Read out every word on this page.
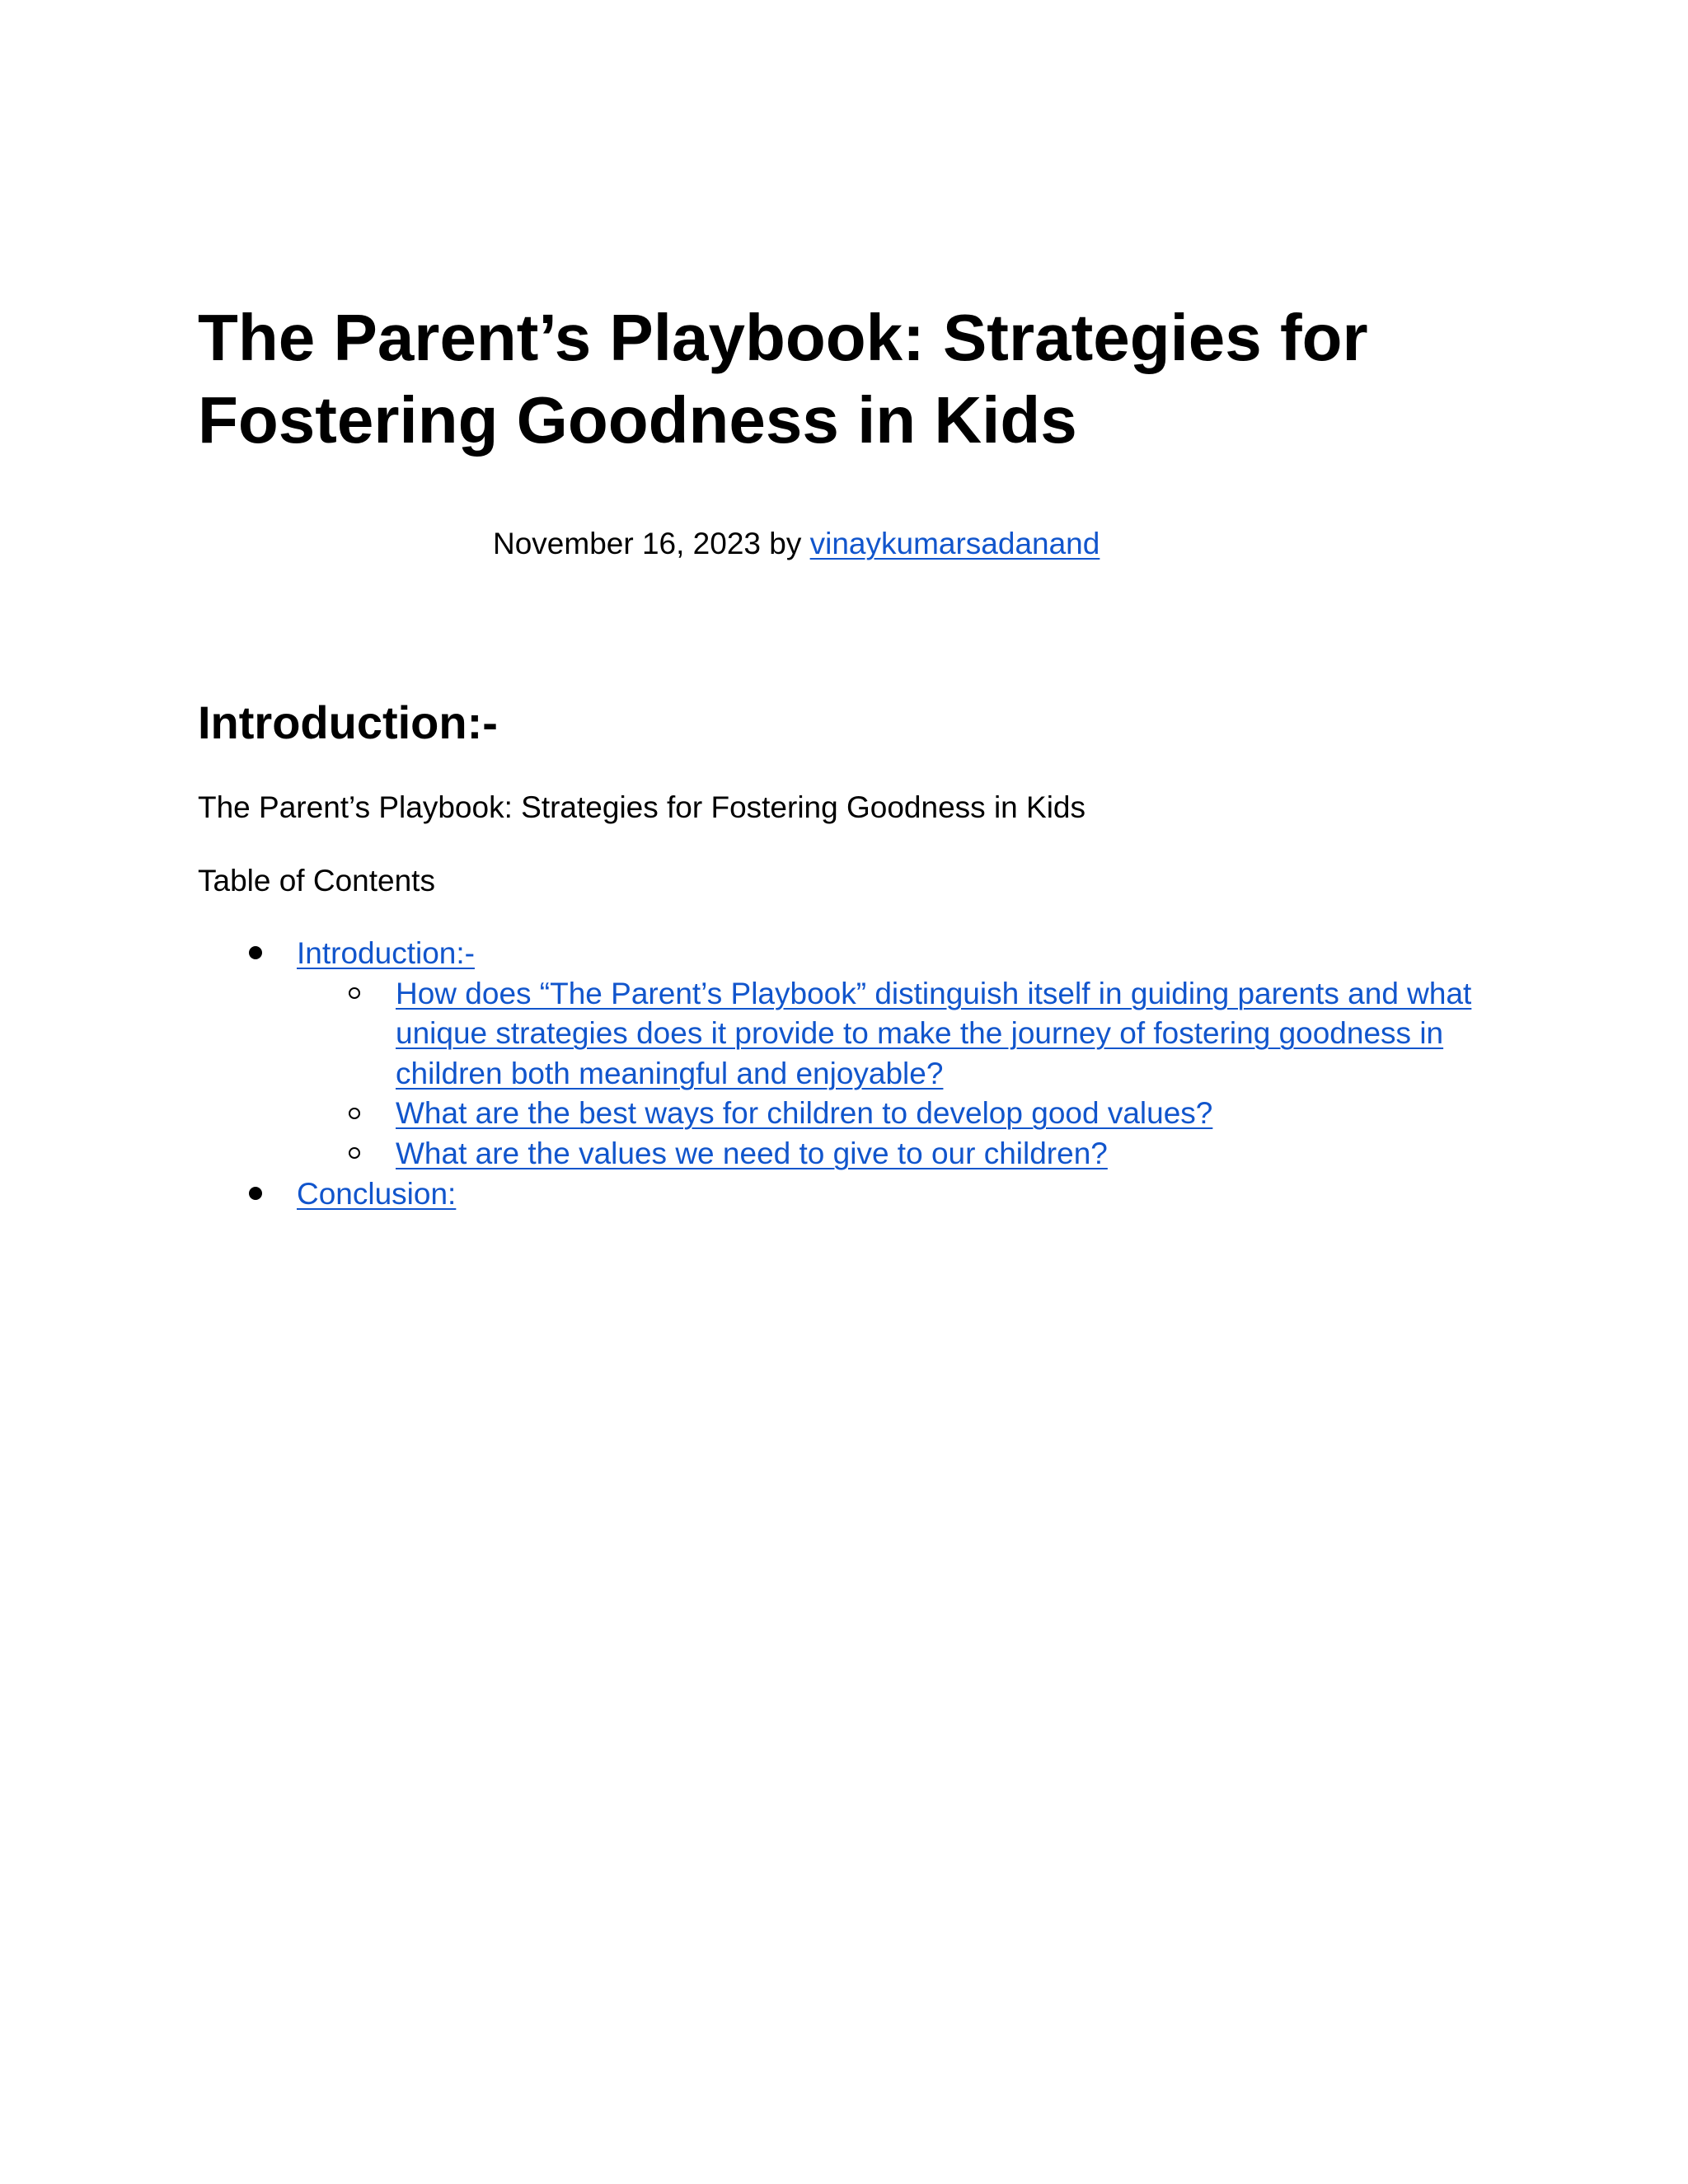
The Parent’s Playbook: Strategies for Fostering Goodness in Kids
November 16, 2023 by vinaykumarsadanand
Introduction:-

The Parent’s Playbook: Strategies for Fostering Goodness in Kids

Table of Contents

Introduction:-
How does “The Parent’s Playbook” distinguish itself in guiding parents and what unique strategies does it provide to make the journey of fostering goodness in children both meaningful and enjoyable?
What are the best ways for children to develop good values?
What are the values we need to give to our children?
Conclusion:
